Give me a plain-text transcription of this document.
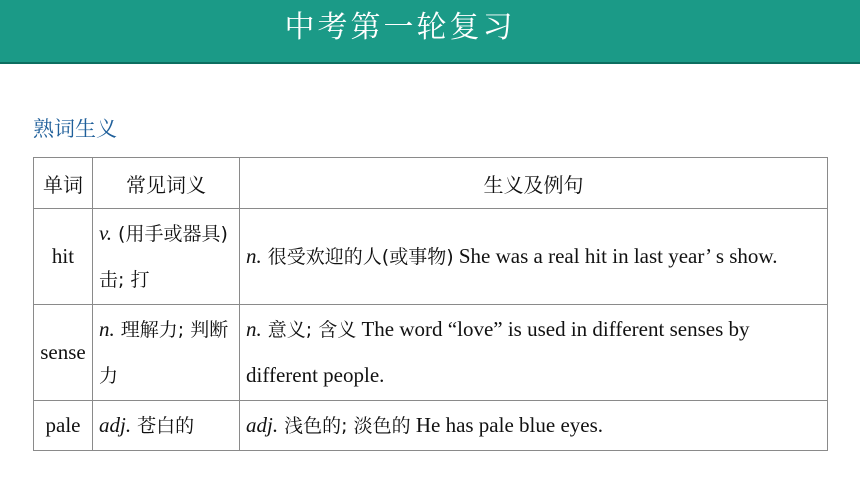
中考第一轮复习
熟词生义
单词	常见词义	生义及例句
hit	v. (用手或器具) 击; 打	n. 很受欢迎的人(或事物) She was a real hit in last year’ s show.
sense	n. 理解力; 判断力	n. 意义; 含义 The word “love” is used in different senses by different people.
pale	adj. 苍白的	adj. 浅色的; 淡色的 He has pale blue eyes.
